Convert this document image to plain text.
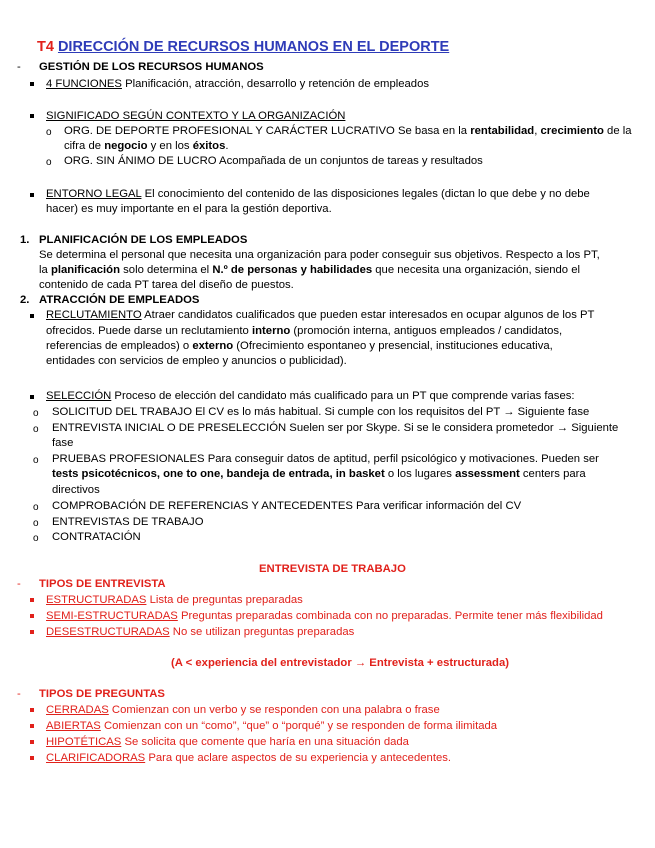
T4 DIRECCIÓN DE RECURSOS HUMANOS EN EL DEPORTE
- GESTIÓN DE LOS RECURSOS HUMANOS
4 FUNCIONES Planificación, atracción, desarrollo y retención de empleados
SIGNIFICADO SEGÚN CONTEXTO Y LA ORGANIZACIÓN
o ORG. DE DEPORTE PROFESIONAL Y CARÁCTER LUCRATIVO Se basa en la rentabilidad, crecimiento de la
cifra de negocio y en los éxitos.
o ORG. SIN ÁNIMO DE LUCRO Acompañada de un conjuntos de tareas y resultados
ENTORNO LEGAL El conocimiento del contenido de las disposiciones legales (dictan lo que debe y no debe
hacer) es muy importante en el para la gestión deportiva.
1. PLANIFICACIÓN DE LOS EMPLEADOS
Se determina el personal que necesita una organización para poder conseguir sus objetivos. Respecto a los PT,
la planificación solo determina el N.º de personas y habilidades que necesita una organización, siendo el
contenido de cada PT tarea del diseño de puestos.
2. ATRACCIÓN DE EMPLEADOS
RECLUTAMIENTO Atraer candidatos cualificados que pueden estar interesados en ocupar algunos de los PT
ofrecidos. Puede darse un reclutamiento interno (promoción interna, antiguos empleados / candidatos,
referencias de empleados) o externo (Ofrecimiento espontaneo y presencial, instituciones educativa,
entidades con servicios de empleo y anuncios o publicidad).
SELECCIÓN Proceso de elección del candidato más cualificado para un PT que comprende varias fases:
o SOLICITUD DEL TRABAJO El CV es lo más habitual. Si cumple con los requisitos del PT → Siguiente fase
o ENTREVISTA INICIAL O DE PRESELECCIÓN Suelen ser por Skype. Si se le considera prometedor → Siguiente
fase
o PRUEBAS PROFESIONALES Para conseguir datos de aptitud, perfil psicológico y motivaciones. Pueden ser
tests psicotécnicos, one to one, bandeja de entrada, in basket o los lugares assessment centers para
directivos
o COMPROBACIÓN DE REFERENCIAS Y ANTECEDENTES Para verificar información del CV
o ENTREVISTAS DE TRABAJO
o CONTRATACIÓN
ENTREVISTA DE TRABAJO
- TIPOS DE ENTREVISTA
ESTRUCTURADAS Lista de preguntas preparadas
SEMI-ESTRUCTURADAS Preguntas preparadas combinada con no preparadas. Permite tener más flexibilidad
DESESTRUCTURADAS No se utilizan preguntas preparadas
(A < experiencia del entrevistador → Entrevista + estructurada)
- TIPOS DE PREGUNTAS
CERRADAS Comienzan con un verbo y se responden con una palabra o frase
ABIERTAS Comienzan con un “como”, “que” o “porqué” y se responden de forma ilimitada
HIPOTÉTICAS Se solicita que comente que haría en una situación dada
CLARIFICADORAS Para que aclare aspectos de su experiencia y antecedentes.
